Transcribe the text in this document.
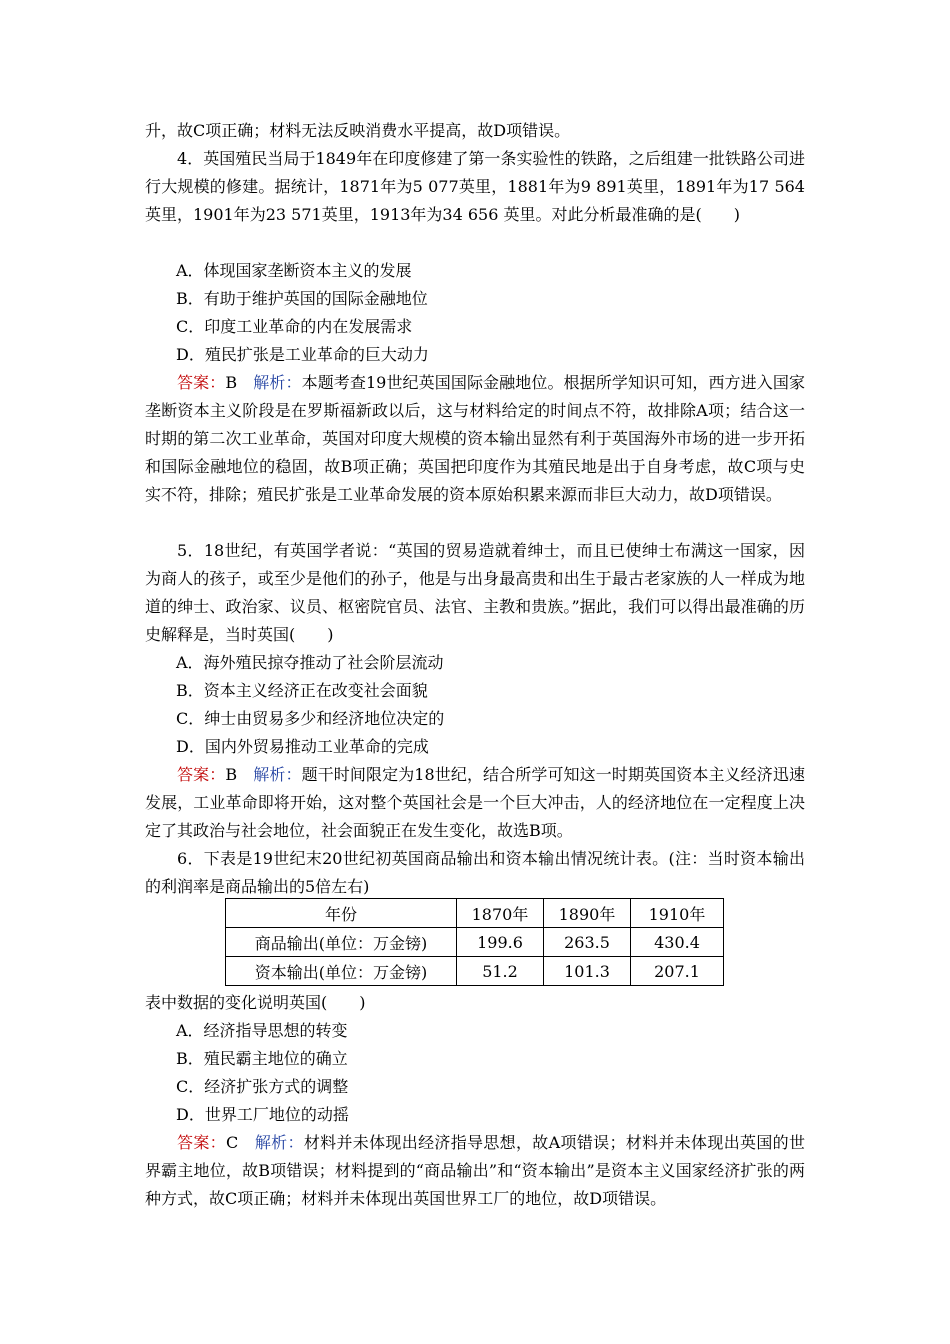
升，故C项正确；材料无法反映消费水平提高，故D项错误。

4．英国殖民当局于1849年在印度修建了第一条实验性的铁路，之后组建一批铁路公司进行大规模的修建。据统计，1871年为5 077英里，1881年为9 891英里，1891年为17 564英里，1901年为23 571英里，1913年为34 656 英里。对此分析最准确的是(　　)

A．体现国家垄断资本主义的发展

B．有助于维护英国的国际金融地位

C．印度工业革命的内在发展需求

D．殖民扩张是工业革命的巨大动力

答案：B　 解析：本题考查19世纪英国国际金融地位。根据所学知识可知，西方进入国家垄断资本主义阶段是在罗斯福新政以后，这与材料给定的时间点不符，故排除A项；结合这一时期的第二次工业革命，英国对印度大规模的资本输出显然有利于英国海外市场的进一步开拓和国际金融地位的稳固，故B项正确；英国把印度作为其殖民地是出于自身考虑，故C项与史实不符，排除；殖民扩张是工业革命发展的资本原始积累来源而非巨大动力，故D项错误。

5．18世纪，有英国学者说：“英国的贸易造就着绅士，而且已使绅士布满这一国家，因为商人的孩子，或至少是他们的孙子，他是与出身最高贵和出生于最古老家族的人一样成为地道的绅士、政治家、议员、枢密院官员、法官、主教和贵族。”据此，我们可以得出最准确的历史解释是，当时英国(　　)

A．海外殖民掠夺推动了社会阶层流动

B．资本主义经济正在改变社会面貌

C．绅士由贸易多少和经济地位决定的

D．国内外贸易推动工业革命的完成

答案：B　 解析：题干时间限定为18世纪，结合所学可知这一时期英国资本主义经济迅速发展，工业革命即将开始，这对整个英国社会是一个巨大冲击，人的经济地位在一定程度上决定了其政治与社会地位，社会面貌正在发生变化，故选B项。

6．下表是19世纪末20世纪初英国商品输出和资本输出情况统计表。(注：当时资本输出的利润率是商品输出的5倍左右)

年份	1870年	1890年	1910年
商品输出(单位：万金镑)	199.6	263.5	430.4
资本输出(单位：万金镑)	51.2	101.3	207.1

表中数据的变化说明英国(　　)

A．经济指导思想的转变

B．殖民霸主地位的确立

C．经济扩张方式的调整

D．世界工厂地位的动摇

答案：C　 解析：材料并未体现出经济指导思想，故A项错误；材料并未体现出英国的世界霸主地位，故B项错误；材料提到的“商品输出”和“资本输出”是资本主义国家经济扩张的两种方式，故C项正确；材料并未体现出英国世界工厂的地位，故D项错误。
